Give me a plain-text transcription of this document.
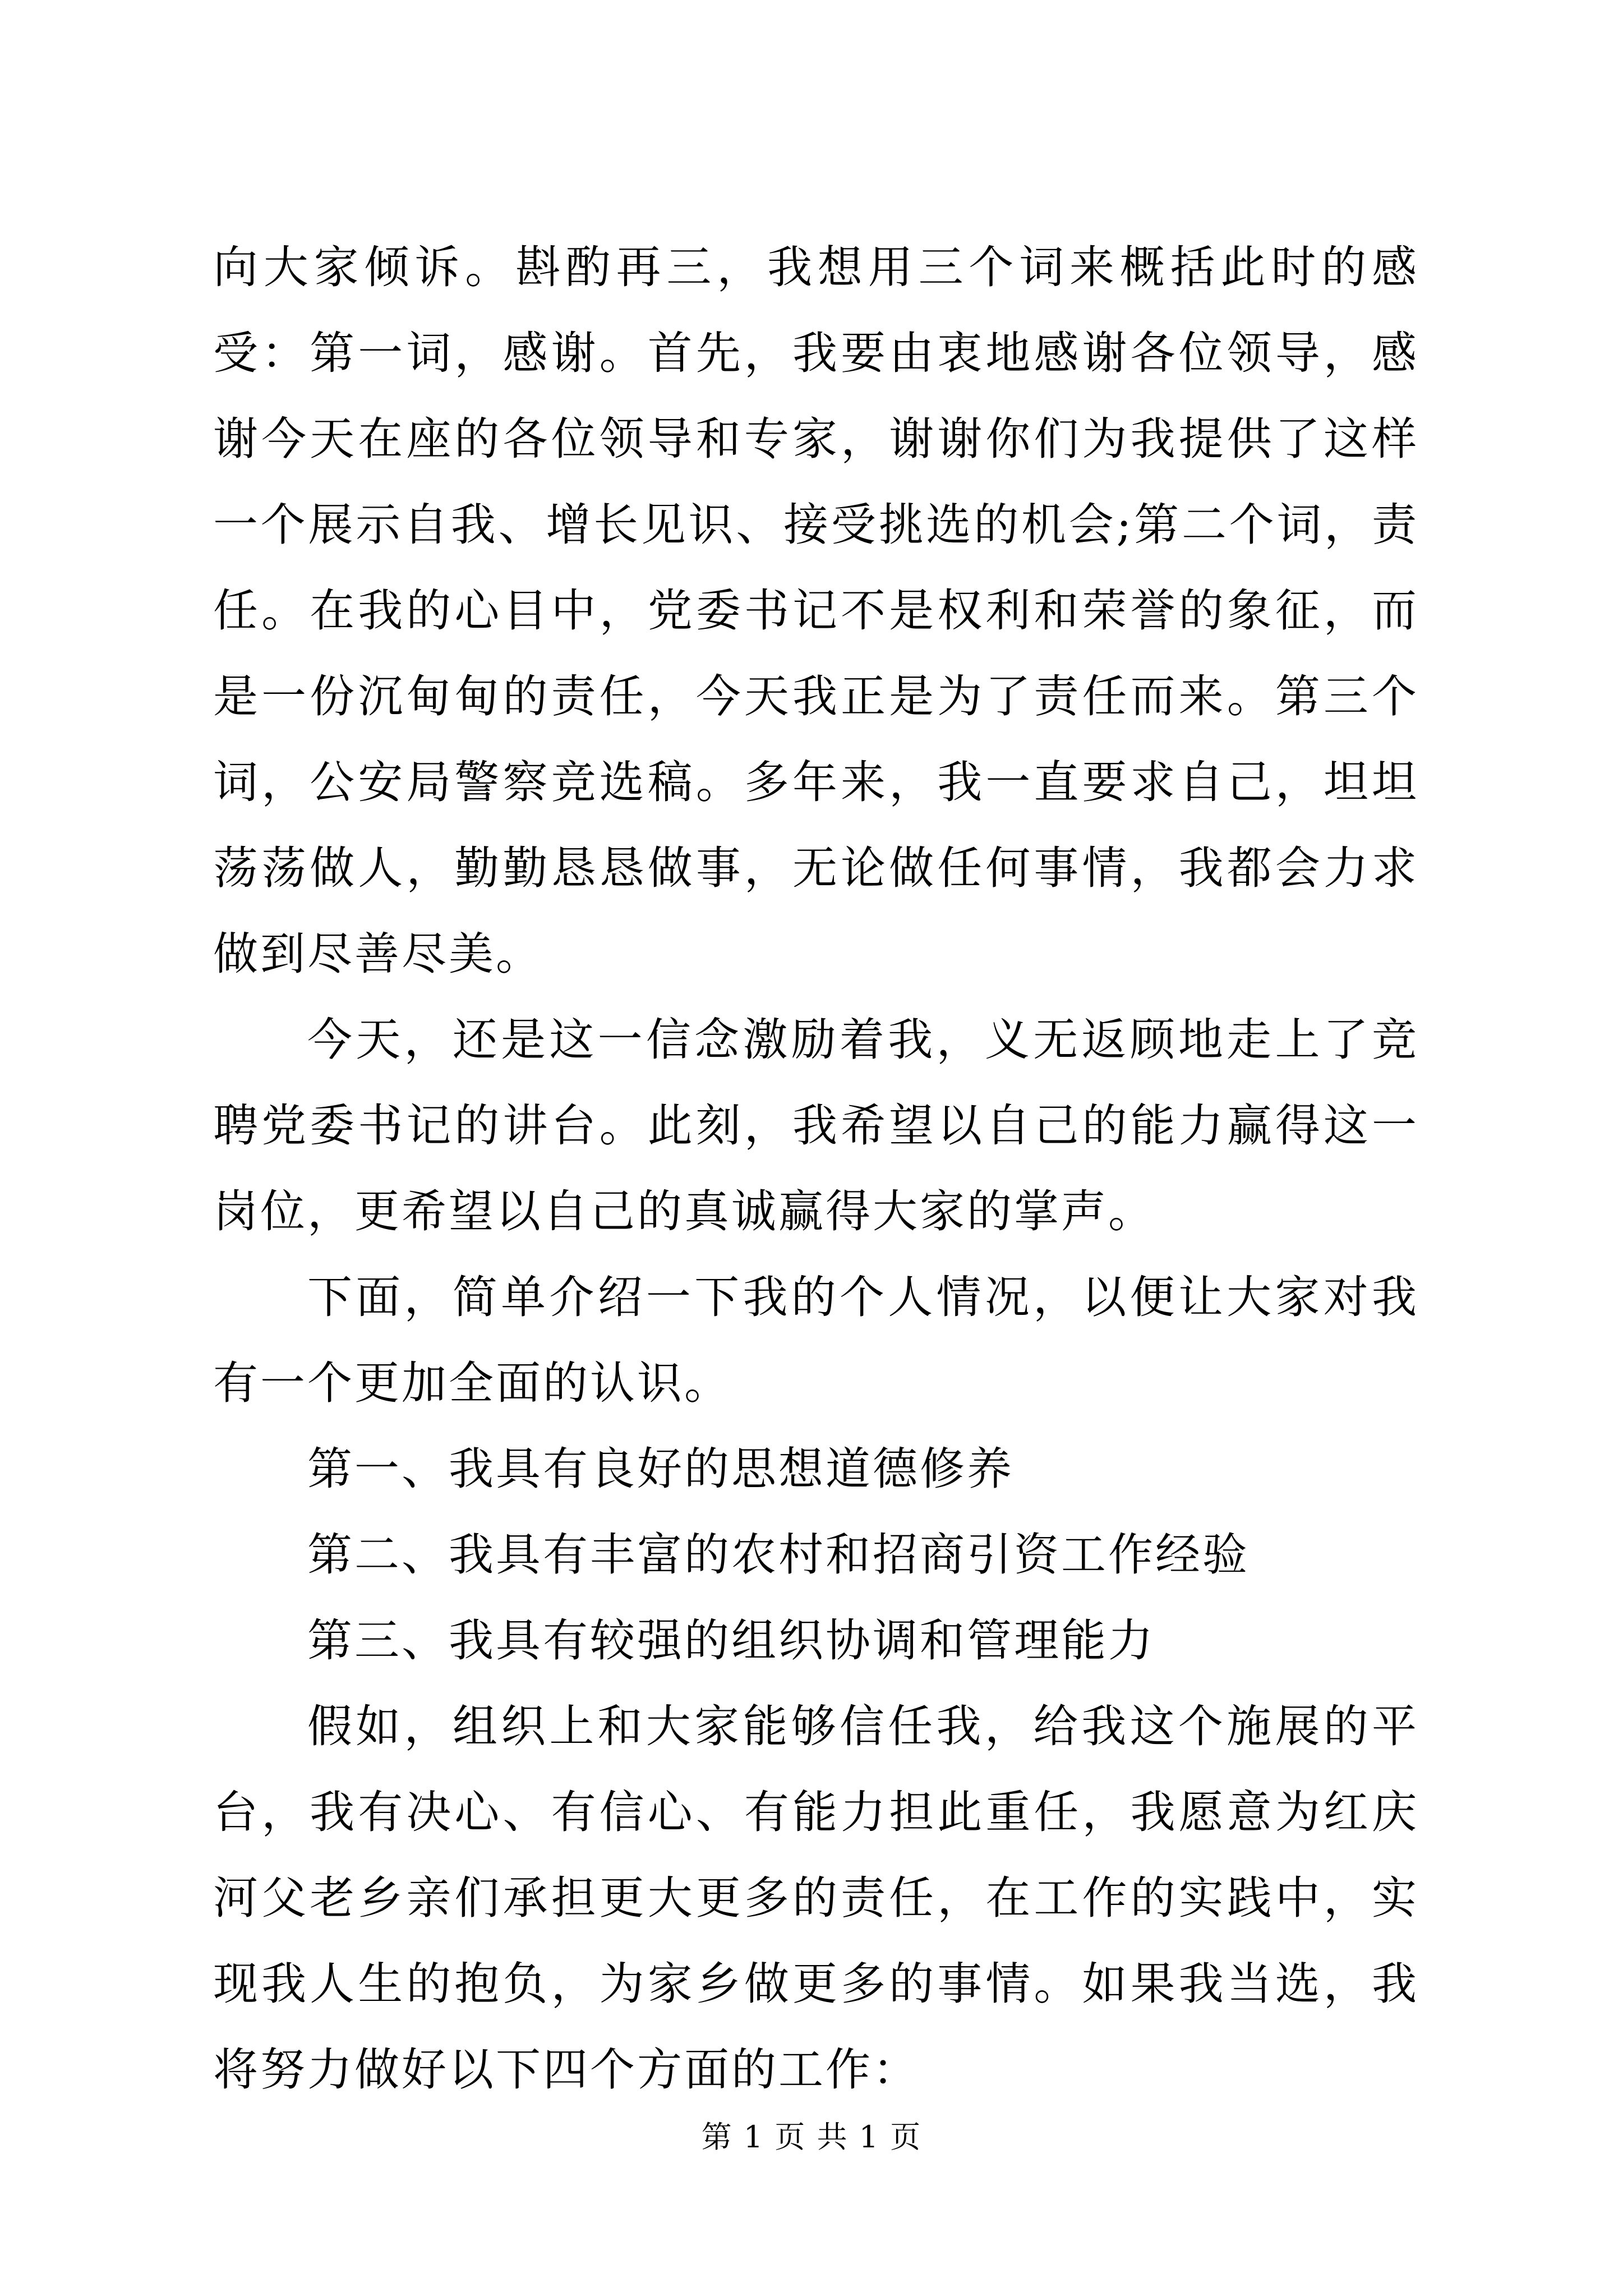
向大家倾诉。斟酌再三，我想用三个词来概括此时的感受：第一词，感谢。首先，我要由衷地感谢各位领导，感谢今天在座的各位领导和专家，谢谢你们为我提供了这样一个展示自我、增长见识、接受挑选的机会;第二个词，责任。在我的心目中，党委书记不是权利和荣誉的象征，而是一份沉甸甸的责任，今天我正是为了责任而来。第三个词，公安局警察竞选稿。多年来，我一直要求自己，坦坦荡荡做人，勤勤恳恳做事，无论做任何事情，我都会力求做到尽善尽美。

今天，还是这一信念激励着我，义无返顾地走上了竞聘党委书记的讲台。此刻，我希望以自己的能力赢得这一岗位，更希望以自己的真诚赢得大家的掌声。

下面，简单介绍一下我的个人情况，以便让大家对我有一个更加全面的认识。

第一、我具有良好的思想道德修养

第二、我具有丰富的农村和招商引资工作经验

第三、我具有较强的组织协调和管理能力

假如，组织上和大家能够信任我，给我这个施展的平台，我有决心、有信心、有能力担此重任，我愿意为红庆河父老乡亲们承担更大更多的责任，在工作的实践中，实现我人生的抱负，为家乡做更多的事情。如果我当选，我将努力做好以下四个方面的工作：

第 1 页 共 1 页
